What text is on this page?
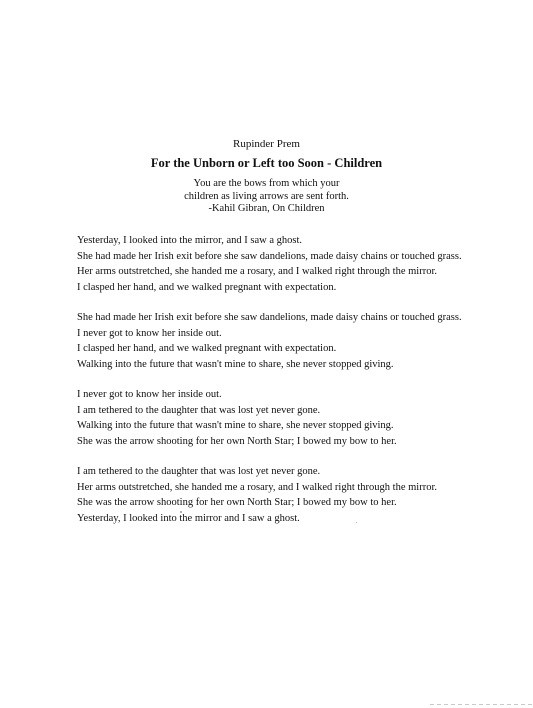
Rupinder Prem
For the Unborn or Left too Soon - Children
You are the bows from which your
children as living arrows are sent forth.
-Kahil Gibran, On Children
Yesterday, I looked into the mirror, and I saw a ghost.
She had made her Irish exit before she saw dandelions, made daisy chains or touched grass.
Her arms outstretched, she handed me a rosary, and I walked right through the mirror.
I clasped her hand, and we walked pregnant with expectation.
She had made her Irish exit before she saw dandelions, made daisy chains or touched grass.
I never got to know her inside out.
I clasped her hand, and we walked pregnant with expectation.
Walking into the future that wasn't mine to share, she never stopped giving.
I never got to know her inside out.
I am tethered to the daughter that was lost yet never gone.
Walking into the future that wasn't mine to share, she never stopped giving.
She was the arrow shooting for her own North Star; I bowed my bow to her.
I am tethered to the daughter that was lost yet never gone.
Her arms outstretched, she handed me a rosary, and I walked right through the mirror.
She was the arrow shooting for her own North Star; I bowed my bow to her.
Yesterday, I looked into the mirror and I saw a ghost.
